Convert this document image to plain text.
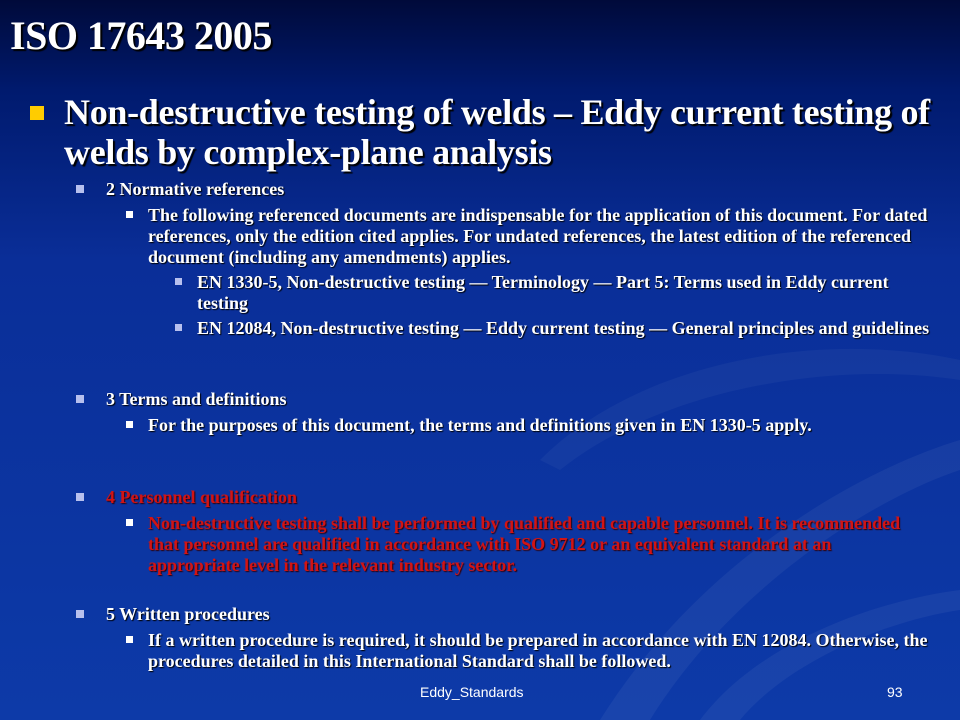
ISO 17643 2005
Non-destructive testing of welds – Eddy current testing of welds by complex-plane analysis
2 Normative references
The following referenced documents are indispensable for the application of this document. For dated references, only the edition cited applies. For undated references, the latest edition of the referenced document (including any amendments) applies.
EN 1330-5, Non-destructive testing — Terminology — Part 5: Terms used in Eddy current testing
EN 12084, Non-destructive testing — Eddy current testing — General principles and guidelines
3 Terms and definitions
For the purposes of this document, the terms and definitions given in EN 1330-5 apply.
4 Personnel qualification
Non-destructive testing shall be performed by qualified and capable personnel. It is recommended that personnel are qualified in accordance with ISO 9712 or an equivalent standard at an appropriate level in the relevant industry sector.
5 Written procedures
If a written procedure is required, it should be prepared in accordance with EN 12084. Otherwise, the procedures detailed in this International Standard shall be followed.
Eddy_Standards	93
